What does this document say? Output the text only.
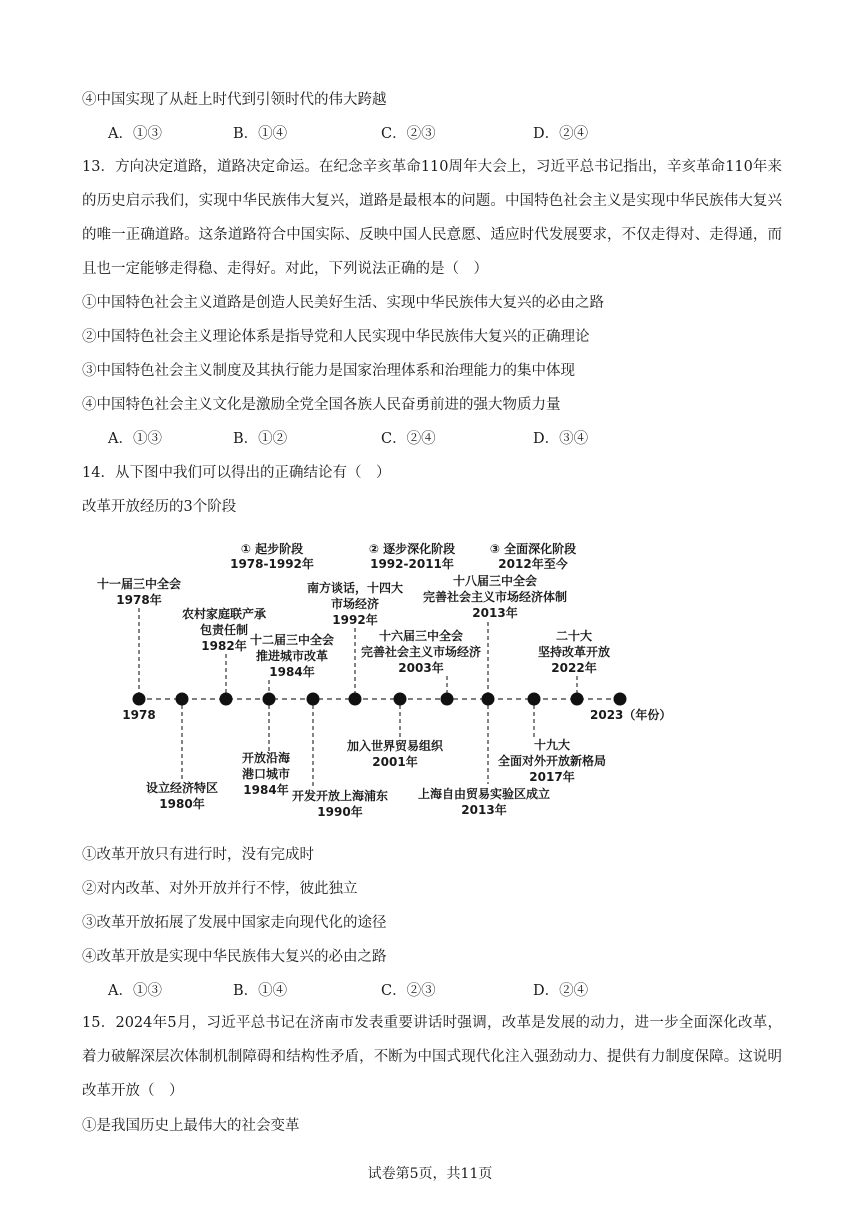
④中国实现了从赶上时代到引领时代的伟大跨越
A．①③	B．①④	C．②③	D．②④
13．方向决定道路，道路决定命运。在纪念辛亥革命110周年大会上，习近平总书记指出，辛亥革命110年来的历史启示我们，实现中华民族伟大复兴，道路是最根本的问题。中国特色社会主义是实现中华民族伟大复兴的唯一正确道路。这条道路符合中国实际、反映中国人民意愿、适应时代发展要求，不仅走得对、走得通，而且也一定能够走得稳、走得好。对此，下列说法正确的是（　）
①中国特色社会主义道路是创造人民美好生活、实现中华民族伟大复兴的必由之路
②中国特色社会主义理论体系是指导党和人民实现中华民族伟大复兴的正确理论
③中国特色社会主义制度及其执行能力是国家治理体系和治理能力的集中体现
④中国特色社会主义文化是激励全党全国各族人民奋勇前进的强大物质力量
A．①③	B．①②	C．②④	D．③④
14．从下图中我们可以得出的正确结论有（　）
改革开放经历的3个阶段
① 起步阶段
1978-1992年
② 逐步深化阶段
1992-2011年
③ 全面深化阶段
2012年至今
1978	2023（年份）
十一届三中全会
1978年
农村家庭联产承
包责任制
1982年 十二届三中全会
推进城市改革
1984年
南方谈话，十四大
市场经济
1992年
十六届三中全会
完善社会主义市场经济
2003年
十八届三中全会
完善社会主义市场经济体制
2013年
二十大
坚持改革开放
2022年
设立经济特区
1980年
开放沿海
港口城市
1984年 开发开放上海浦东
1990年
加入世界贸易组织
2001年
上海自由贸易实验区成立
2013年
十九大
全面对外开放新格局
2017年
①改革开放只有进行时，没有完成时
②对内改革、对外开放并行不悖，彼此独立
③改革开放拓展了发展中国家走向现代化的途径
④改革开放是实现中华民族伟大复兴的必由之路
A．①③	B．①④	C．②③	D．②④
15．2024年5月，习近平总书记在济南市发表重要讲话时强调，改革是发展的动力，进一步全面深化改革，着力破解深层次体制机制障碍和结构性矛盾，不断为中国式现代化注入强劲动力、提供有力制度保障。这说明改革开放（　）
①是我国历史上最伟大的社会变革
试卷第5页，共11页
